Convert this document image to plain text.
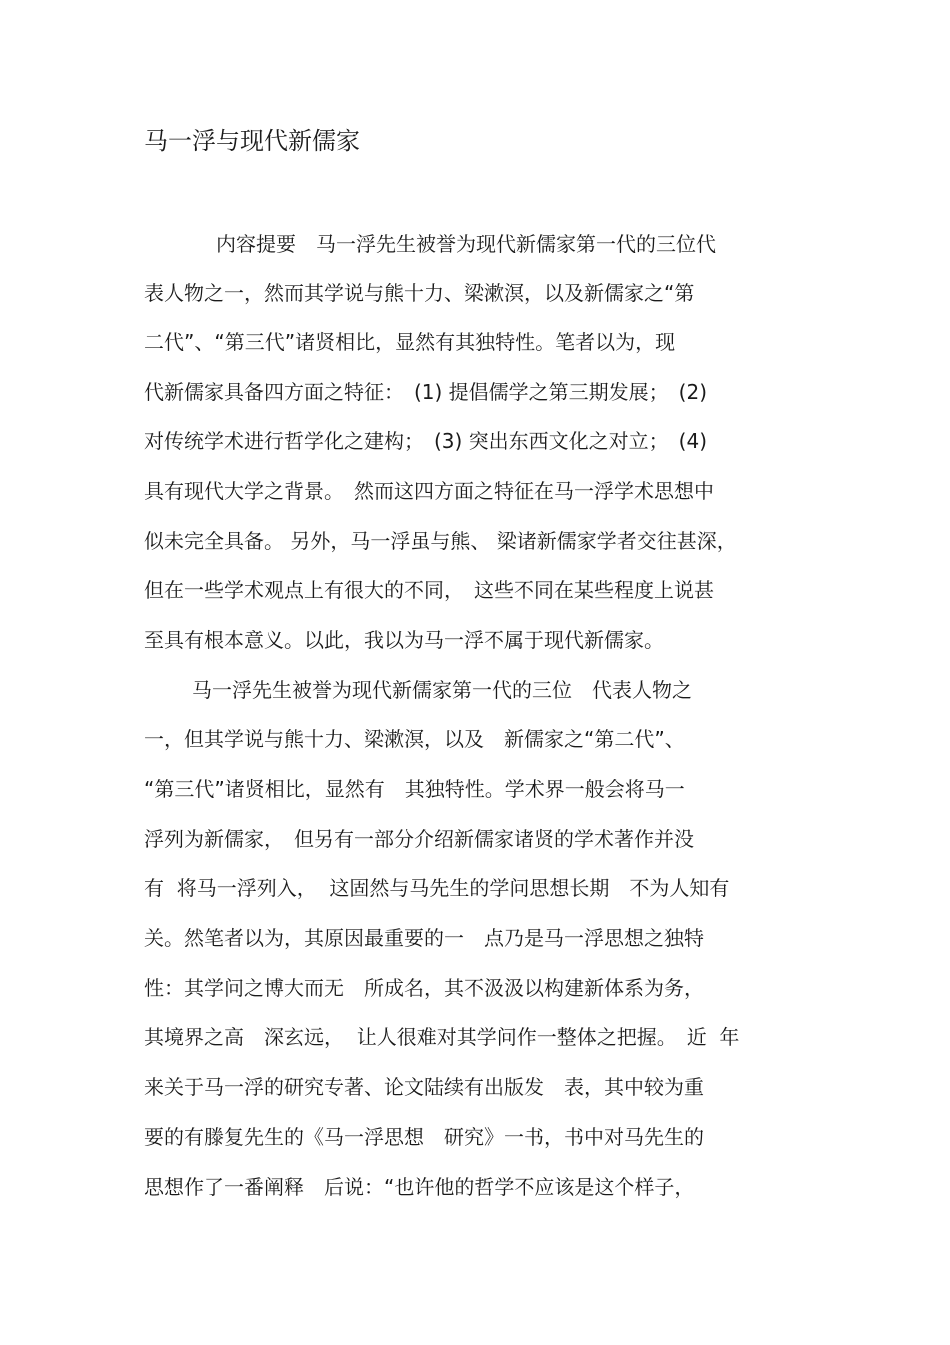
马一浮与现代新儒家

内容提要　马一浮先生被誉为现代新儒家第一代的三位代

表人物之一，然而其学说与熊十力、梁漱溟，以及新儒家之“第

二代”、“第三代”诸贤相比，显然有其独特性。笔者以为，现

代新儒家具备四方面之特征：　(1) 提倡儒学之第三期发展；　(2)

对传统学术进行哲学化之建构；　(3) 突出东西文化之对立；　(4)

具有现代大学之背景。　然而这四方面之特征在马一浮学术思想中

似未完全具备。 另外，马一浮虽与熊、 梁诸新儒家学者交往甚深，

但在一些学术观点上有很大的不同，　这些不同在某些程度上说甚

至具有根本意义。以此，我以为马一浮不属于现代新儒家。

马一浮先生被誉为现代新儒家第一代的三位　代表人物之

一，但其学说与熊十力、梁漱溟，以及　新儒家之“第二代”、

“第三代”诸贤相比，显然有　其独特性。学术界一般会将马一

浮列为新儒家，　但另有一部分介绍新儒家诸贤的学术著作并没

有  将马一浮列入，  这固然与马先生的学问思想长期　不为人知有

关。然笔者以为，其原因最重要的一　点乃是马一浮思想之独特

性：其学问之博大而无　所成名，其不汲汲以构建新体系为务，

其境界之高　深玄远，  让人很难对其学问作一整体之把握。　近  年

来关于马一浮的研究专著、论文陆续有出版发　表，其中较为重

要的有滕复先生的《马一浮思想　研究》一书，书中对马先生的

思想作了一番阐释　后说：“也许他的哲学不应该是这个样子，
